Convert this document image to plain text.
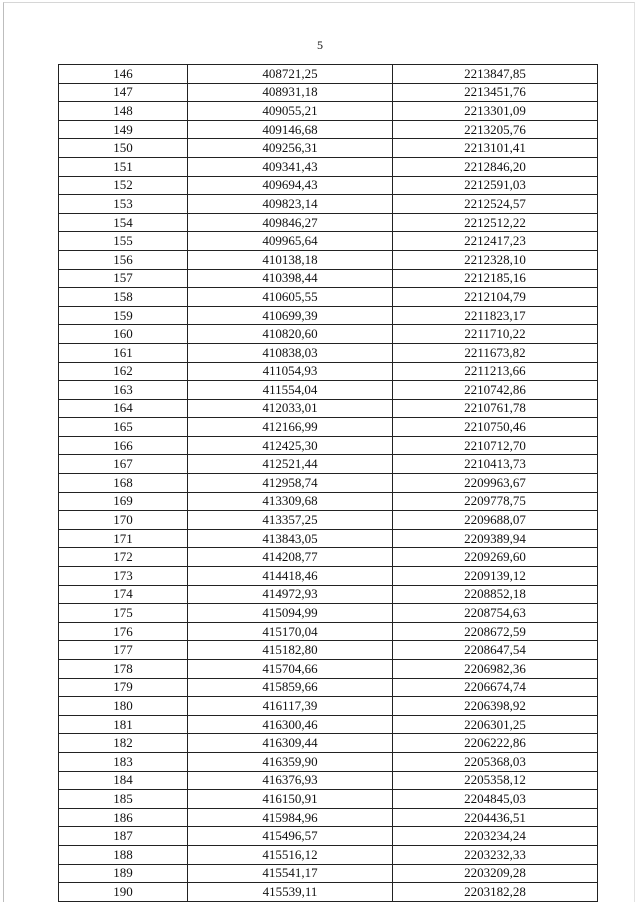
5
146	408721,25	2213847,85
147	408931,18	2213451,76
148	409055,21	2213301,09
149	409146,68	2213205,76
150	409256,31	2213101,41
151	409341,43	2212846,20
152	409694,43	2212591,03
153	409823,14	2212524,57
154	409846,27	2212512,22
155	409965,64	2212417,23
156	410138,18	2212328,10
157	410398,44	2212185,16
158	410605,55	2212104,79
159	410699,39	2211823,17
160	410820,60	2211710,22
161	410838,03	2211673,82
162	411054,93	2211213,66
163	411554,04	2210742,86
164	412033,01	2210761,78
165	412166,99	2210750,46
166	412425,30	2210712,70
167	412521,44	2210413,73
168	412958,74	2209963,67
169	413309,68	2209778,75
170	413357,25	2209688,07
171	413843,05	2209389,94
172	414208,77	2209269,60
173	414418,46	2209139,12
174	414972,93	2208852,18
175	415094,99	2208754,63
176	415170,04	2208672,59
177	415182,80	2208647,54
178	415704,66	2206982,36
179	415859,66	2206674,74
180	416117,39	2206398,92
181	416300,46	2206301,25
182	416309,44	2206222,86
183	416359,90	2205368,03
184	416376,93	2205358,12
185	416150,91	2204845,03
186	415984,96	2204436,51
187	415496,57	2203234,24
188	415516,12	2203232,33
189	415541,17	2203209,28
190	415539,11	2203182,28
